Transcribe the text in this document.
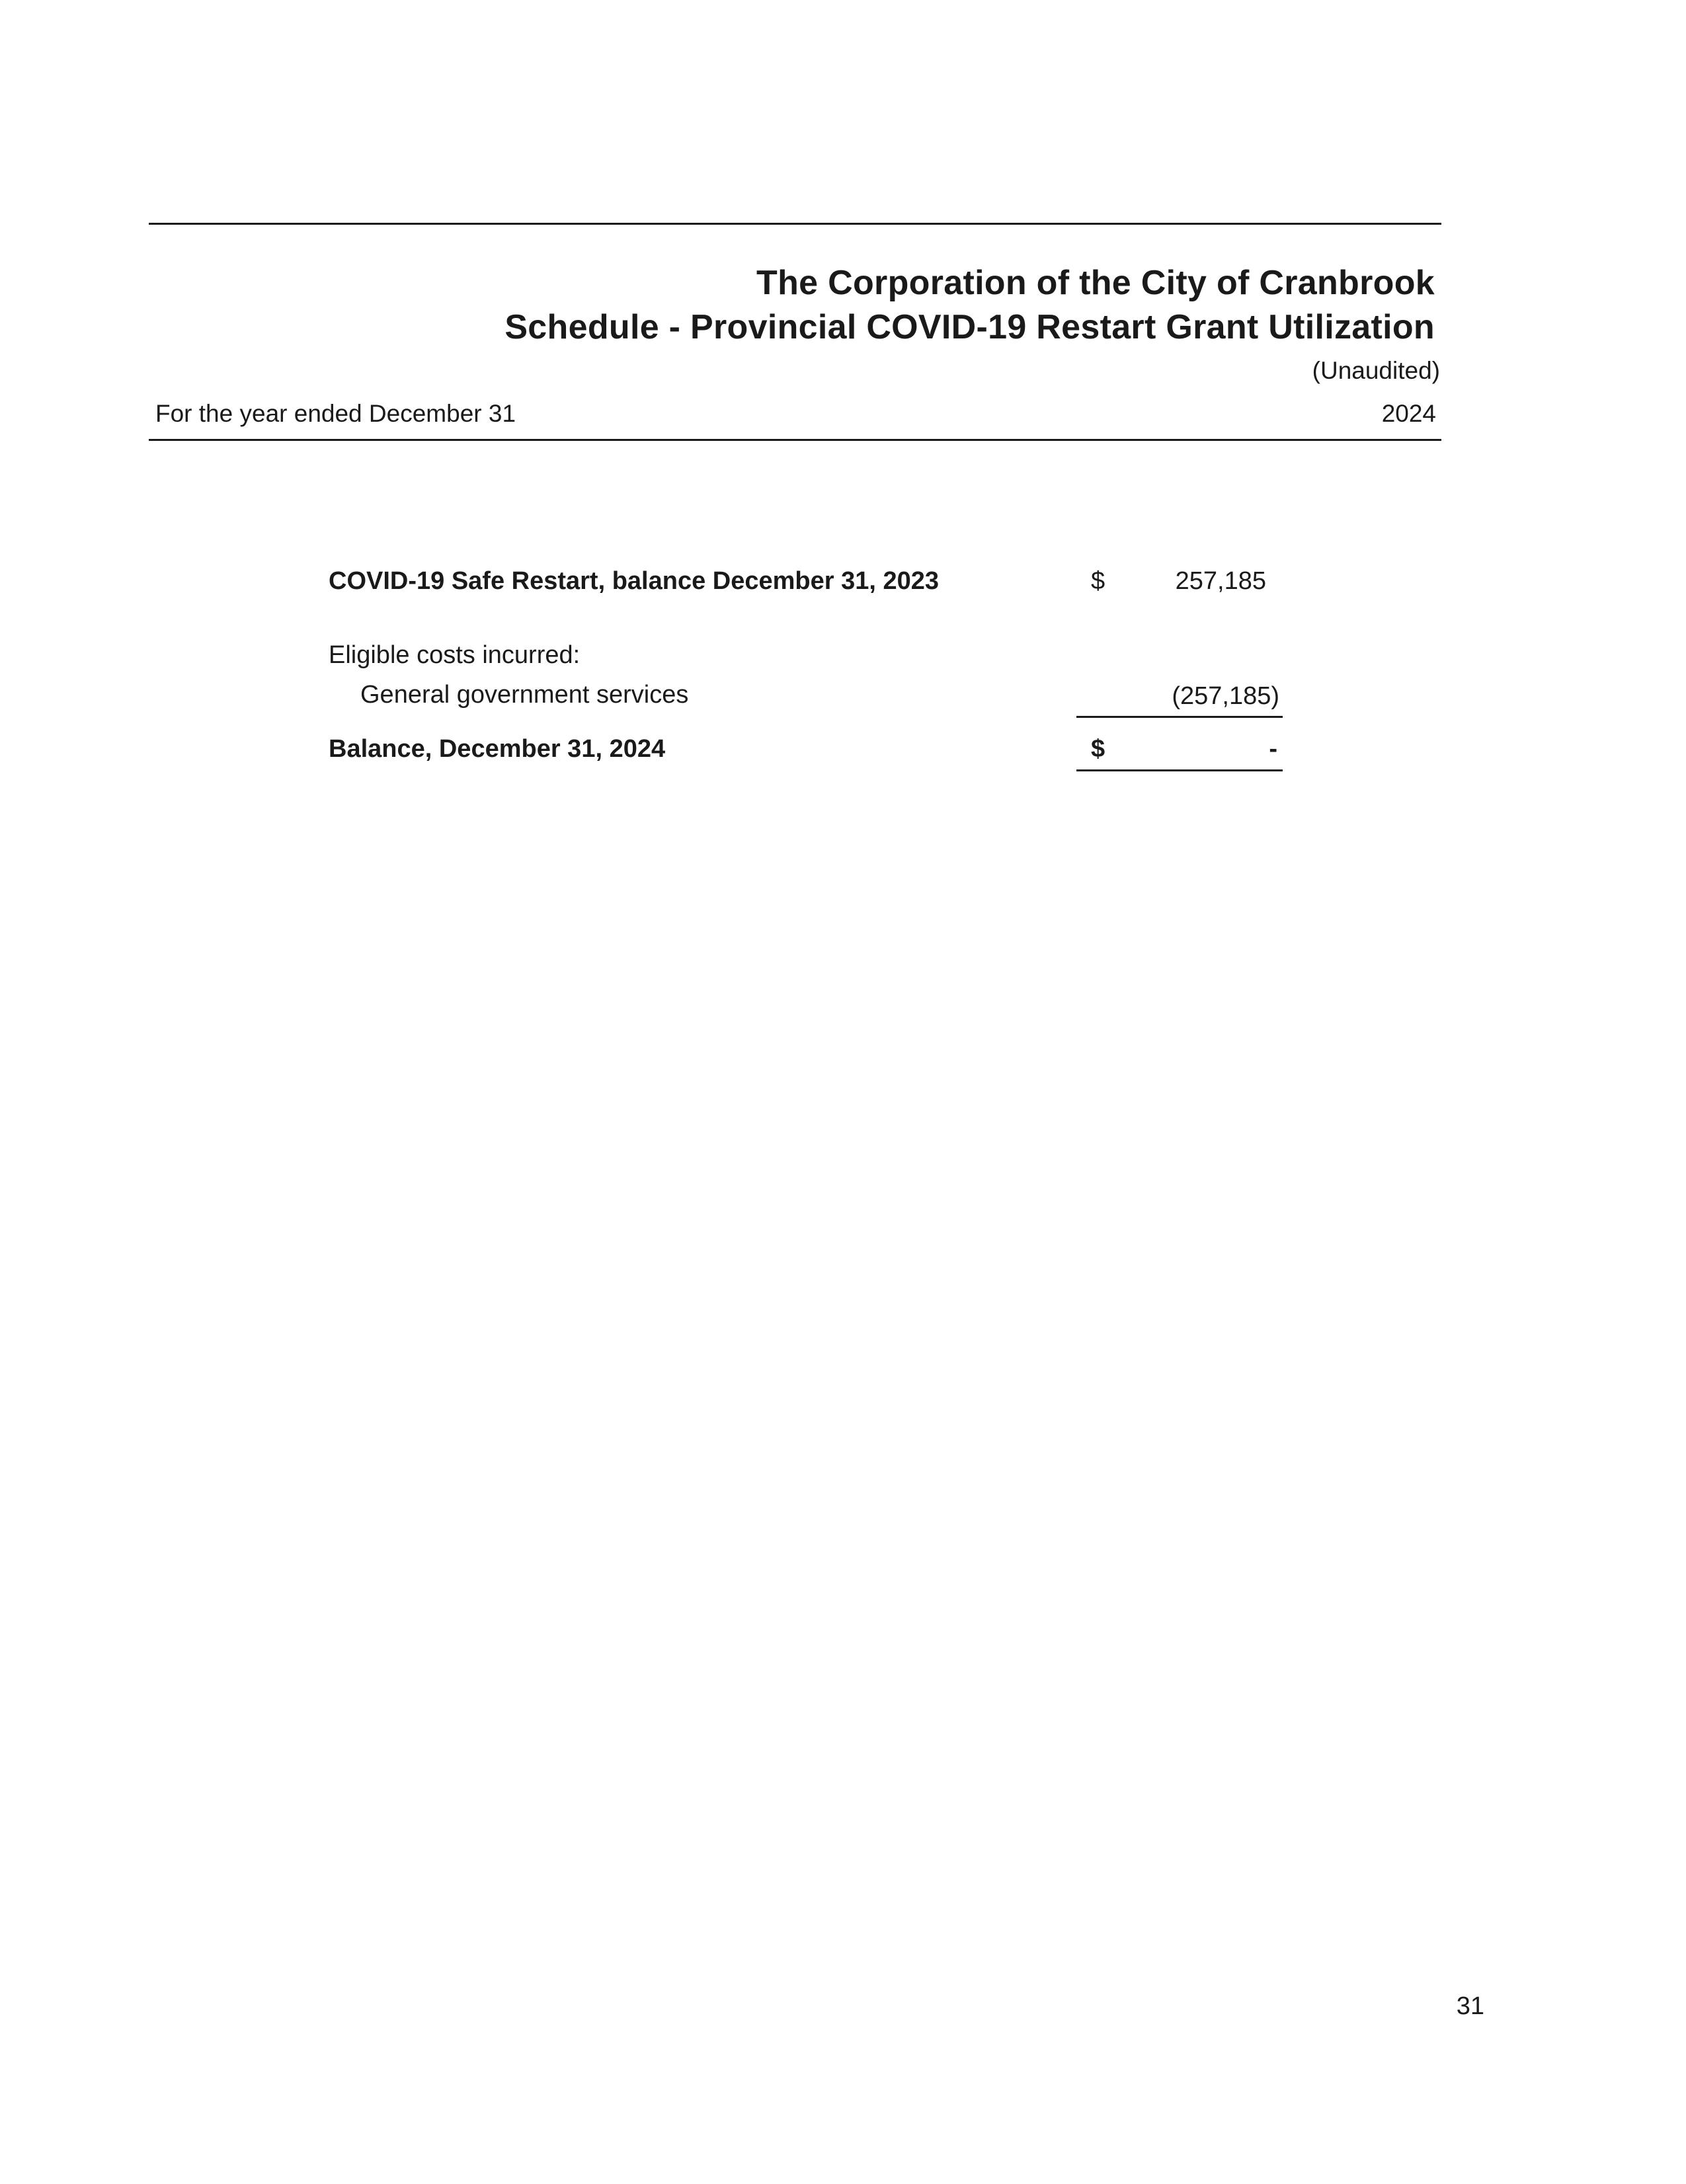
The Corporation of the City of Cranbrook
Schedule - Provincial COVID-19 Restart Grant Utilization
(Unaudited)
For the year ended December 31	2024
COVID-19 Safe Restart, balance December 31, 2023	$	257,185
Eligible costs incurred:
General government services	(257,185)
Balance, December 31, 2024	$	-
31
